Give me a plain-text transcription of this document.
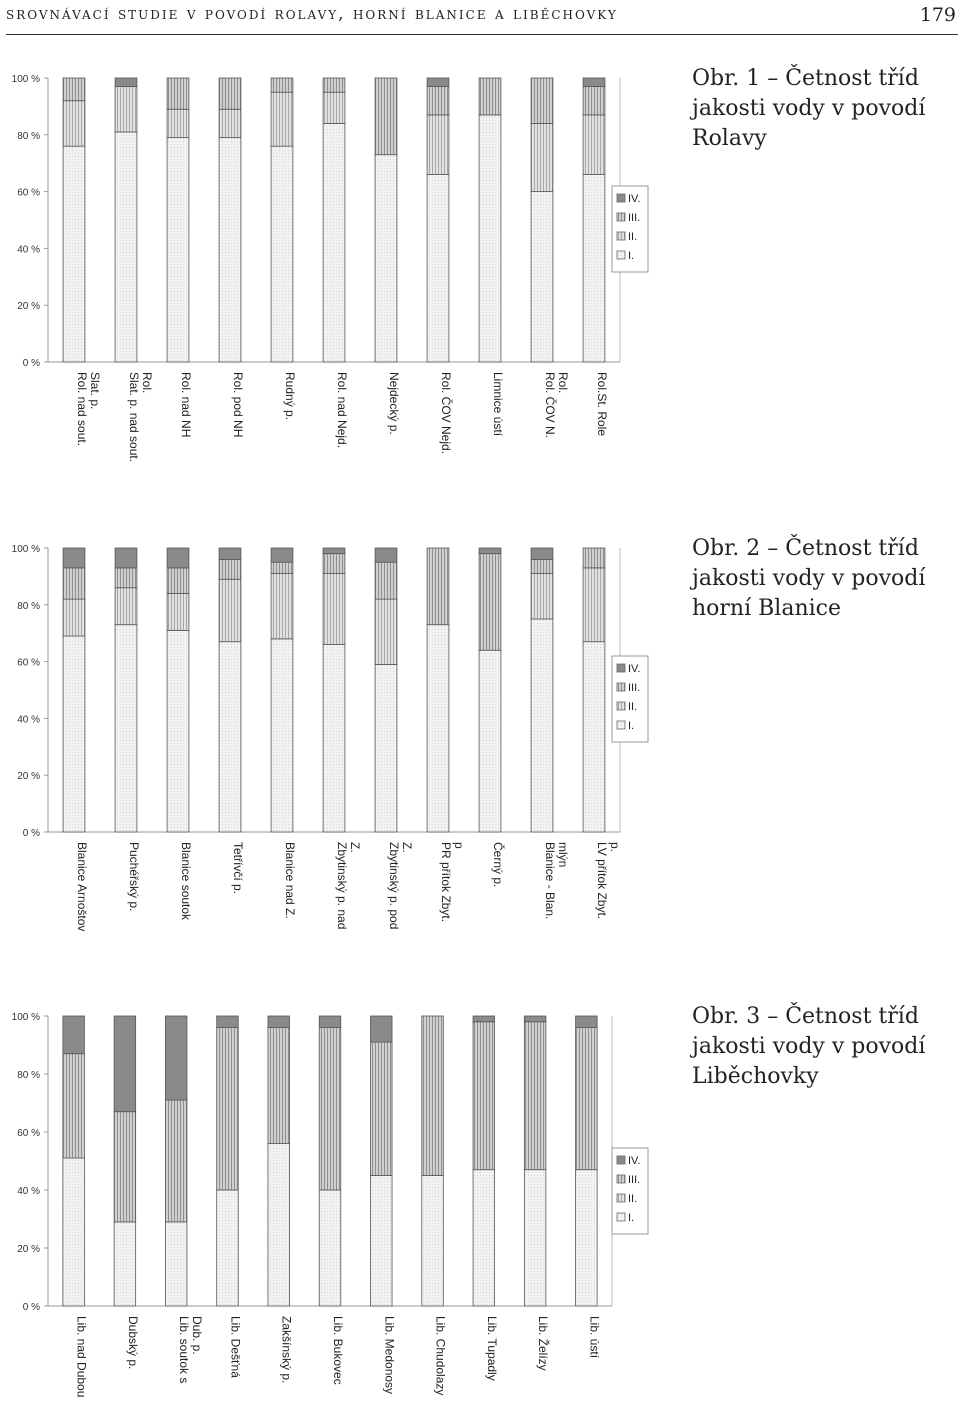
srovnávací studie v povodí rolavy, horní blanice a liběchovky	179
Obr. 1 – Četnost tříd
jakosti vody v povodí
Rolavy
Obr. 2 – Četnost tříd
jakosti vody v povodí
horní Blanice
Obr. 3 – Četnost tříd
jakosti vody v povodí
Liběchovky
0 %
20 %
40 %
60 %
80 %
100 %
Rol. nad sout. Slat. p. Slat. p. nad sout. Rol. Rol. nad NH	Rol. pod NH	Rudný p.	Rol. nad Nejd.	Nejdecký p.	Rol. ČOV Nejd.	Limnice ústí	Rol. ČOV N. Rol. Rol.St. Role
IV.
III.
II.
I.
0 %
20 %
40 %
60 %
80 %
100 %
Blanice Arnoštov	Puchéřský p.	Blanice soutok	Tetřívčí p.	Blanice nad Z.	Zbytinský p. nad Z. Zbytinský p. pod Z. PR přítok Zbyt. p Černý p.	Blanice - Blan. mlýn LV přítok Zbyt. p.
IV.
III.
II.
I.
0 %
20 %
40 %
60 %
80 %
100 %
Lib. nad Dubou	Dubský p.	Lib. soutok s Dub. p. Lib. Dešťná	Zakšínský p.	Lib. Bukovec	Lib. Medonosy	Lib. Chudolazy	Lib. Tupadly	Lib. Želízy	Lib. ústí
IV.
III.
II.
I.
